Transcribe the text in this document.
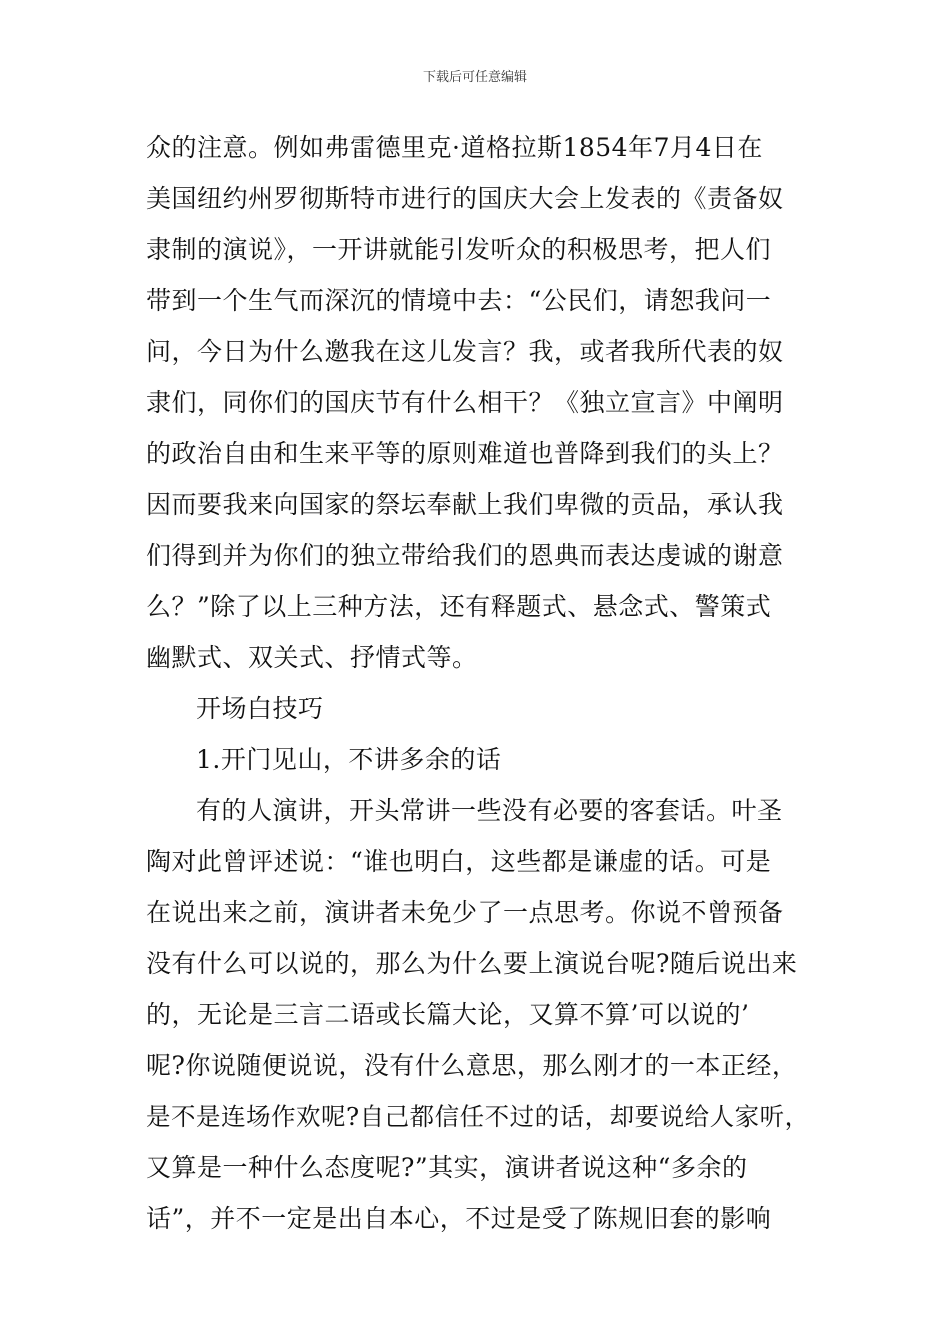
下载后可任意编辑
众的注意。例如弗雷德里克·道格拉斯1854年7月4日在
美国纽约州罗彻斯特市进行的国庆大会上发表的《责备奴
隶制的演说》，一开讲就能引发听众的积极思考，把人们
带到一个生气而深沉的情境中去：“公民们，请恕我问一
问，今日为什么邀我在这儿发言？我，或者我所代表的奴
隶们，同你们的国庆节有什么相干？《独立宣言》中阐明
的政治自由和生来平等的原则难道也普降到我们的头上？
因而要我来向国家的祭坛奉献上我们卑微的贡品，承认我
们得到并为你们的独立带给我们的恩典而表达虔诚的谢意
么？”除了以上三种方法，还有释题式、悬念式、警策式
幽默式、双关式、抒情式等。
开场白技巧
1.开门见山，不讲多余的话
有的人演讲，开头常讲一些没有必要的客套话。叶圣
陶对此曾评述说：“谁也明白，这些都是谦虚的话。可是
在说出来之前，演讲者未免少了一点思考。你说不曾预备
没有什么可以说的，那么为什么要上演说台呢?随后说出来
的，无论是三言二语或长篇大论，又算不算’可以说的’
呢?你说随便说说，没有什么意思，那么刚才的一本正经，
是不是连场作欢呢?自己都信任不过的话，却要说给人家听，
又算是一种什么态度呢?”其实，演讲者说这种“多余的
话”，并不一定是出自本心，不过是受了陈规旧套的影响
